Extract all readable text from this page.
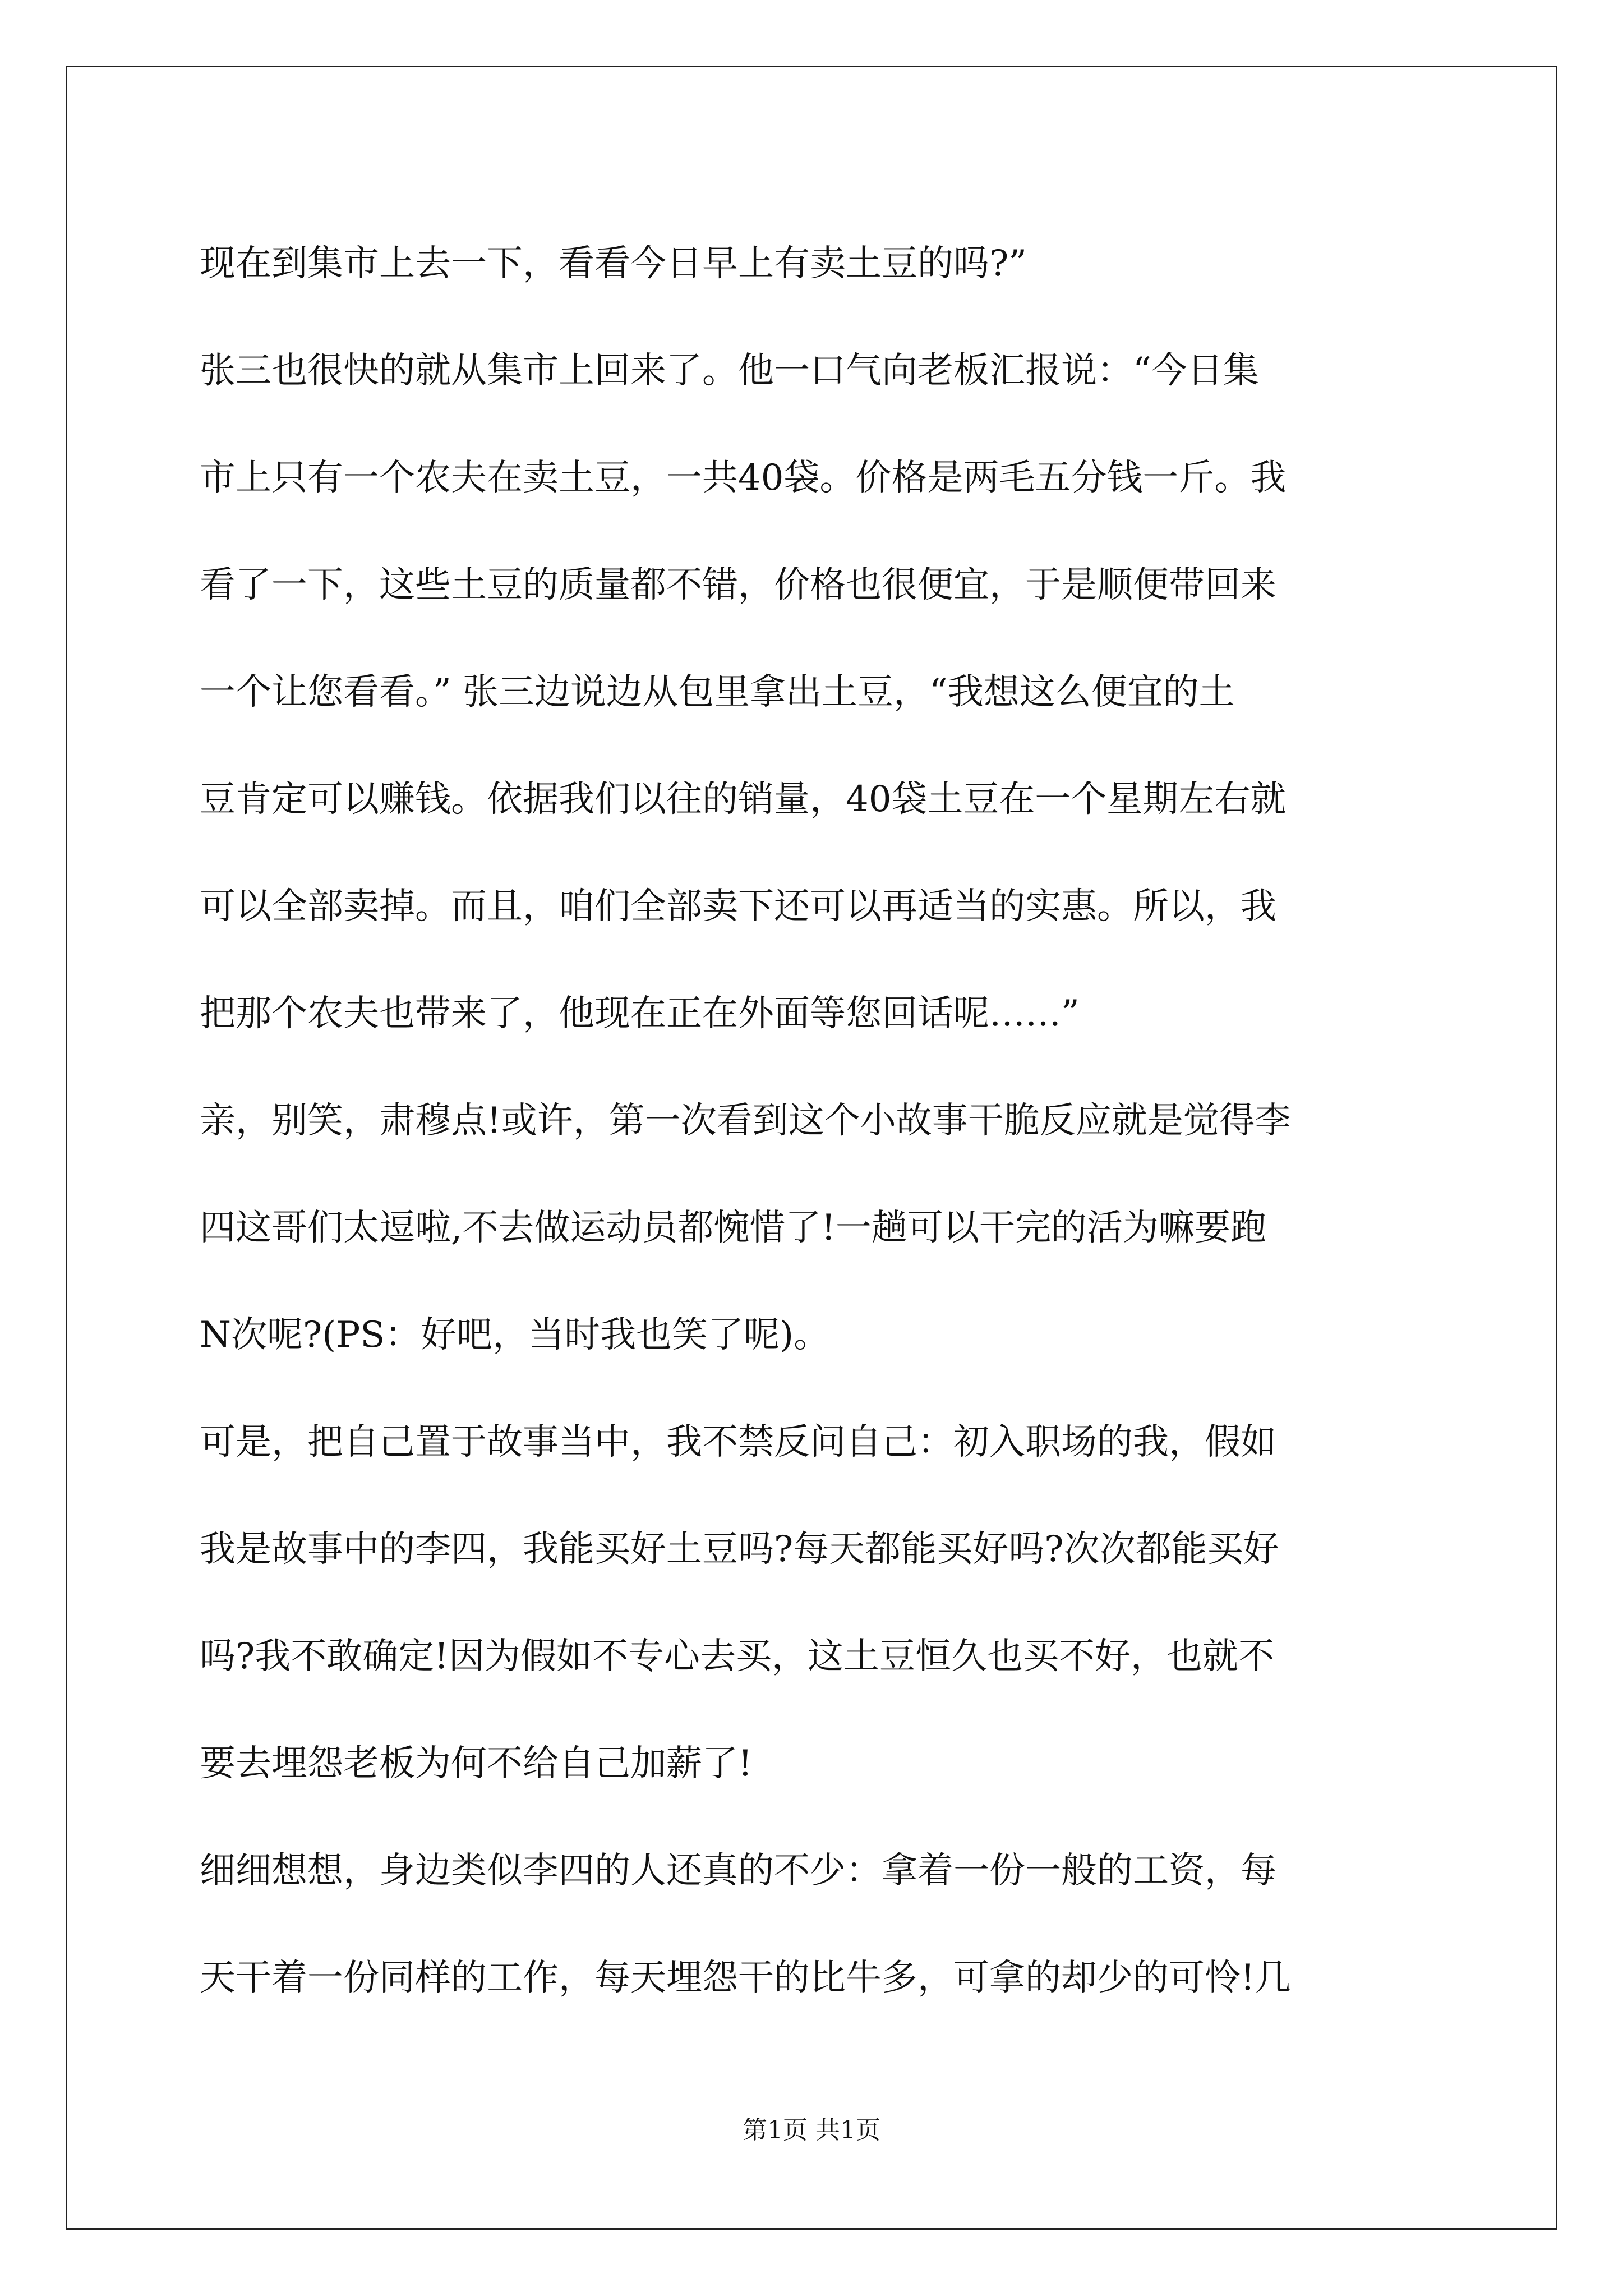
现在到集市上去一下，看看今日早上有卖土豆的吗?”
张三也很快的就从集市上回来了。他一口气向老板汇报说：“今日集
市上只有一个农夫在卖土豆，一共40袋。价格是两毛五分钱一斤。我
看了一下，这些土豆的质量都不错，价格也很便宜，于是顺便带回来
一个让您看看。” 张三边说边从包里拿出土豆，“我想这么便宜的土
豆肯定可以赚钱。依据我们以往的销量，40袋土豆在一个星期左右就
可以全部卖掉。而且，咱们全部卖下还可以再适当的实惠。所以，我
把那个农夫也带来了，他现在正在外面等您回话呢……”
亲，别笑，肃穆点!或许，第一次看到这个小故事干脆反应就是觉得李
四这哥们太逗啦,不去做运动员都惋惜了!一趟可以干完的活为嘛要跑
N次呢?(PS：好吧，当时我也笑了呢)。
可是，把自己置于故事当中，我不禁反问自己：初入职场的我，假如
我是故事中的李四，我能买好土豆吗?每天都能买好吗?次次都能买好
吗?我不敢确定!因为假如不专心去买，这土豆恒久也买不好，也就不
要去埋怨老板为何不给自己加薪了!
细细想想，身边类似李四的人还真的不少：拿着一份一般的工资，每
天干着一份同样的工作，每天埋怨干的比牛多，可拿的却少的可怜!几
第1页 共1页
